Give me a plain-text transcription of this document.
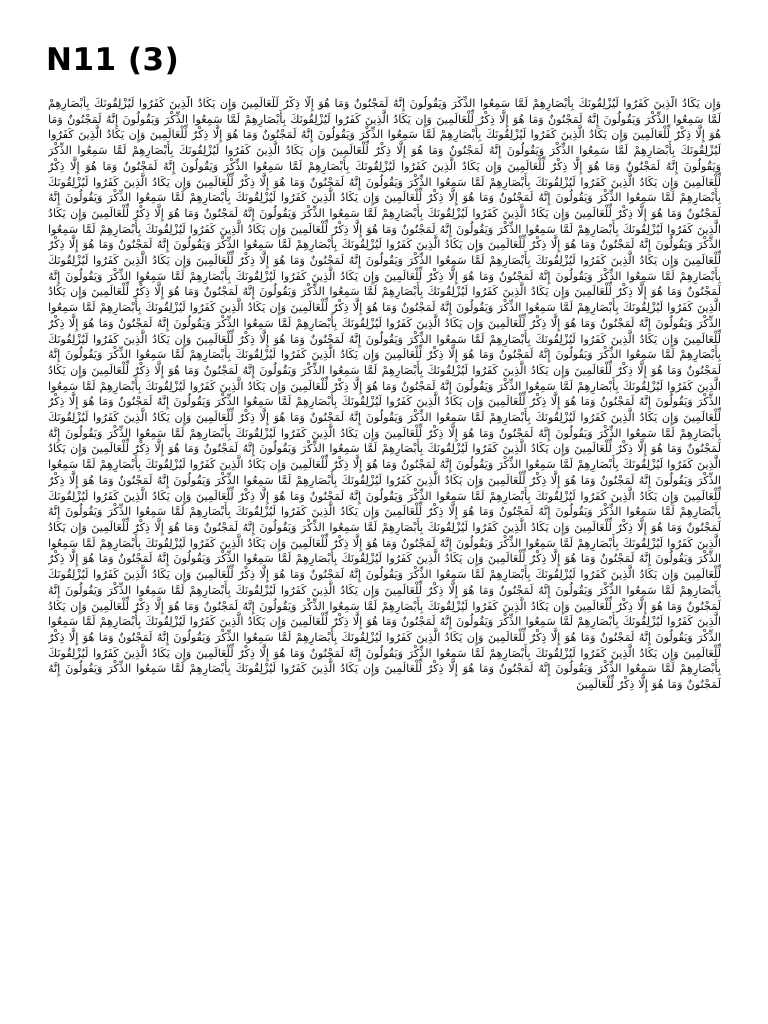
N11 (3)
وَإِن يَكَادُ الَّذِينَ كَفَرُوا لَيُزْلِقُونَكَ بِأَبْصَارِهِمْ لَمَّا سَمِعُوا الذِّكْرَ وَيَقُولُونَ إِنَّهُ لَمَجْنُونٌ وَمَا هُوَ إِلَّا ذِكْرٌ لِّلْعَالَمِينَ وَإِن يَكَادُ الَّذِينَ كَفَرُوا لَيُزْلِقُونَكَ بِأَبْصَارِهِمْ لَمَّا سَمِعُوا الذِّكْرَ وَيَقُولُونَ إِنَّهُ لَمَجْنُونٌ وَمَا هُوَ إِلَّا ذِكْرٌ لِّلْعَالَمِينَ وَإِن يَكَادُ الَّذِينَ كَفَرُوا لَيُزْلِقُونَكَ بِأَبْصَارِهِمْ لَمَّا سَمِعُوا الذِّكْرَ وَيَقُولُونَ إِنَّهُ لَمَجْنُونٌ وَمَا هُوَ إِلَّا ذِكْرٌ لِّلْعَالَمِينَ وَإِن يَكَادُ الَّذِينَ كَفَرُوا لَيُزْلِقُونَكَ بِأَبْصَارِهِمْ لَمَّا سَمِعُوا الذِّكْرَ وَيَقُولُونَ إِنَّهُ لَمَجْنُونٌ وَمَا هُوَ إِلَّا ذِكْرٌ لِّلْعَالَمِينَ وَإِن يَكَادُ الَّذِينَ كَفَرُوا لَيُزْلِقُونَكَ بِأَبْصَارِهِمْ لَمَّا سَمِعُوا الذِّكْرَ وَيَقُولُونَ إِنَّهُ لَمَجْنُونٌ وَمَا هُوَ إِلَّا ذِكْرٌ لِّلْعَالَمِينَ وَإِن يَكَادُ الَّذِينَ كَفَرُوا لَيُزْلِقُونَكَ بِأَبْصَارِهِمْ لَمَّا سَمِعُوا الذِّكْرَ وَيَقُولُونَ إِنَّهُ لَمَجْنُونٌ وَمَا هُوَ إِلَّا ذِكْرٌ لِّلْعَالَمِينَ وَإِن يَكَادُ الَّذِينَ كَفَرُوا لَيُزْلِقُونَكَ بِأَبْصَارِهِمْ لَمَّا سَمِعُوا الذِّكْرَ وَيَقُولُونَ إِنَّهُ لَمَجْنُونٌ وَمَا هُوَ إِلَّا ذِكْرٌ لِّلْعَالَمِينَ وَإِن يَكَادُ الَّذِينَ كَفَرُوا لَيُزْلِقُونَكَ بِأَبْصَارِهِمْ لَمَّا سَمِعُوا الذِّكْرَ وَيَقُولُونَ إِنَّهُ لَمَجْنُونٌ وَمَا هُوَ إِلَّا ذِكْرٌ لِّلْعَالَمِينَ وَإِن يَكَادُ الَّذِينَ كَفَرُوا لَيُزْلِقُونَكَ بِأَبْصَارِهِمْ لَمَّا سَمِعُوا الذِّكْرَ وَيَقُولُونَ إِنَّهُ لَمَجْنُونٌ وَمَا هُوَ إِلَّا ذِكْرٌ لِّلْعَالَمِينَ وَإِن يَكَادُ الَّذِينَ كَفَرُوا لَيُزْلِقُونَكَ بِأَبْصَارِهِمْ لَمَّا سَمِعُوا الذِّكْرَ وَيَقُولُونَ إِنَّهُ لَمَجْنُونٌ وَمَا هُوَ إِلَّا ذِكْرٌ لِّلْعَالَمِينَ وَإِن يَكَادُ الَّذِينَ كَفَرُوا لَيُزْلِقُونَكَ بِأَبْصَارِهِمْ لَمَّا سَمِعُوا الذِّكْرَ وَيَقُولُونَ إِنَّهُ لَمَجْنُونٌ وَمَا هُوَ إِلَّا ذِكْرٌ لِّلْعَالَمِينَ وَإِن يَكَادُ الَّذِينَ كَفَرُوا لَيُزْلِقُونَكَ بِأَبْصَارِهِمْ لَمَّا سَمِعُوا الذِّكْرَ وَيَقُولُونَ إِنَّهُ لَمَجْنُونٌ وَمَا هُوَ إِلَّا ذِكْرٌ لِّلْعَالَمِينَ وَإِن يَكَادُ الَّذِينَ كَفَرُوا لَيُزْلِقُونَكَ بِأَبْصَارِهِمْ لَمَّا سَمِعُوا الذِّكْرَ وَيَقُولُونَ إِنَّهُ لَمَجْنُونٌ وَمَا هُوَ إِلَّا ذِكْرٌ لِّلْعَالَمِينَ وَإِن يَكَادُ الَّذِينَ كَفَرُوا لَيُزْلِقُونَكَ بِأَبْصَارِهِمْ لَمَّا سَمِعُوا الذِّكْرَ وَيَقُولُونَ إِنَّهُ لَمَجْنُونٌ وَمَا هُوَ إِلَّا ذِكْرٌ لِّلْعَالَمِينَ وَإِن يَكَادُ الَّذِينَ كَفَرُوا لَيُزْلِقُونَكَ بِأَبْصَارِهِمْ لَمَّا سَمِعُوا الذِّكْرَ وَيَقُولُونَ إِنَّهُ لَمَجْنُونٌ وَمَا هُوَ إِلَّا ذِكْرٌ لِّلْعَالَمِينَ وَإِن يَكَادُ الَّذِينَ كَفَرُوا لَيُزْلِقُونَكَ بِأَبْصَارِهِمْ لَمَّا سَمِعُوا الذِّكْرَ وَيَقُولُونَ إِنَّهُ لَمَجْنُونٌ وَمَا هُوَ إِلَّا ذِكْرٌ لِّلْعَالَمِينَ وَإِن يَكَادُ الَّذِينَ كَفَرُوا لَيُزْلِقُونَكَ بِأَبْصَارِهِمْ لَمَّا سَمِعُوا الذِّكْرَ وَيَقُولُونَ إِنَّهُ لَمَجْنُونٌ وَمَا هُوَ إِلَّا ذِكْرٌ لِّلْعَالَمِينَ وَإِن يَكَادُ الَّذِينَ كَفَرُوا لَيُزْلِقُونَكَ بِأَبْصَارِهِمْ لَمَّا سَمِعُوا الذِّكْرَ وَيَقُولُونَ إِنَّهُ لَمَجْنُونٌ وَمَا هُوَ إِلَّا ذِكْرٌ لِّلْعَالَمِينَ وَإِن يَكَادُ الَّذِينَ كَفَرُوا لَيُزْلِقُونَكَ بِأَبْصَارِهِمْ لَمَّا سَمِعُوا الذِّكْرَ وَيَقُولُونَ إِنَّهُ لَمَجْنُونٌ وَمَا هُوَ إِلَّا ذِكْرٌ لِّلْعَالَمِينَ وَإِن يَكَادُ الَّذِينَ كَفَرُوا لَيُزْلِقُونَكَ بِأَبْصَارِهِمْ لَمَّا سَمِعُوا الذِّكْرَ وَيَقُولُونَ إِنَّهُ لَمَجْنُونٌ وَمَا هُوَ إِلَّا ذِكْرٌ لِّلْعَالَمِينَ وَإِن يَكَادُ الَّذِينَ كَفَرُوا لَيُزْلِقُونَكَ بِأَبْصَارِهِمْ لَمَّا سَمِعُوا الذِّكْرَ وَيَقُولُونَ إِنَّهُ لَمَجْنُونٌ وَمَا هُوَ إِلَّا ذِكْرٌ لِّلْعَالَمِينَ وَإِن يَكَادُ الَّذِينَ كَفَرُوا لَيُزْلِقُونَكَ بِأَبْصَارِهِمْ لَمَّا سَمِعُوا الذِّكْرَ وَيَقُولُونَ إِنَّهُ لَمَجْنُونٌ وَمَا هُوَ إِلَّا ذِكْرٌ لِّلْعَالَمِينَ وَإِن يَكَادُ الَّذِينَ كَفَرُوا لَيُزْلِقُونَكَ بِأَبْصَارِهِمْ لَمَّا سَمِعُوا الذِّكْرَ وَيَقُولُونَ إِنَّهُ لَمَجْنُونٌ وَمَا هُوَ إِلَّا ذِكْرٌ لِّلْعَالَمِينَ وَإِن يَكَادُ الَّذِينَ كَفَرُوا لَيُزْلِقُونَكَ بِأَبْصَارِهِمْ لَمَّا سَمِعُوا الذِّكْرَ وَيَقُولُونَ إِنَّهُ لَمَجْنُونٌ وَمَا هُوَ إِلَّا ذِكْرٌ لِّلْعَالَمِينَ وَإِن يَكَادُ الَّذِينَ كَفَرُوا لَيُزْلِقُونَكَ بِأَبْصَارِهِمْ لَمَّا سَمِعُوا الذِّكْرَ وَيَقُولُونَ إِنَّهُ لَمَجْنُونٌ وَمَا هُوَ إِلَّا ذِكْرٌ لِّلْعَالَمِينَ وَإِن يَكَادُ الَّذِينَ كَفَرُوا لَيُزْلِقُونَكَ بِأَبْصَارِهِمْ لَمَّا سَمِعُوا الذِّكْرَ وَيَقُولُونَ إِنَّهُ لَمَجْنُونٌ وَمَا هُوَ إِلَّا ذِكْرٌ لِّلْعَالَمِينَ وَإِن يَكَادُ الَّذِينَ كَفَرُوا لَيُزْلِقُونَكَ بِأَبْصَارِهِمْ لَمَّا سَمِعُوا الذِّكْرَ وَيَقُولُونَ إِنَّهُ لَمَجْنُونٌ وَمَا هُوَ إِلَّا ذِكْرٌ لِّلْعَالَمِينَ وَإِن يَكَادُ الَّذِينَ كَفَرُوا لَيُزْلِقُونَكَ بِأَبْصَارِهِمْ لَمَّا سَمِعُوا الذِّكْرَ وَيَقُولُونَ إِنَّهُ لَمَجْنُونٌ وَمَا هُوَ إِلَّا ذِكْرٌ لِّلْعَالَمِينَ وَإِن يَكَادُ الَّذِينَ كَفَرُوا لَيُزْلِقُونَكَ بِأَبْصَارِهِمْ لَمَّا سَمِعُوا الذِّكْرَ وَيَقُولُونَ إِنَّهُ لَمَجْنُونٌ وَمَا هُوَ إِلَّا ذِكْرٌ لِّلْعَالَمِينَ وَإِن يَكَادُ الَّذِينَ كَفَرُوا لَيُزْلِقُونَكَ بِأَبْصَارِهِمْ لَمَّا سَمِعُوا الذِّكْرَ وَيَقُولُونَ إِنَّهُ لَمَجْنُونٌ وَمَا هُوَ إِلَّا ذِكْرٌ لِّلْعَالَمِينَ وَإِن يَكَادُ الَّذِينَ كَفَرُوا لَيُزْلِقُونَكَ بِأَبْصَارِهِمْ لَمَّا سَمِعُوا الذِّكْرَ وَيَقُولُونَ إِنَّهُ لَمَجْنُونٌ وَمَا هُوَ إِلَّا ذِكْرٌ لِّلْعَالَمِينَ وَإِن يَكَادُ الَّذِينَ كَفَرُوا لَيُزْلِقُونَكَ بِأَبْصَارِهِمْ لَمَّا سَمِعُوا الذِّكْرَ وَيَقُولُونَ إِنَّهُ لَمَجْنُونٌ وَمَا هُوَ إِلَّا ذِكْرٌ لِّلْعَالَمِينَ وَإِن يَكَادُ الَّذِينَ كَفَرُوا لَيُزْلِقُونَكَ بِأَبْصَارِهِمْ لَمَّا سَمِعُوا الذِّكْرَ وَيَقُولُونَ إِنَّهُ لَمَجْنُونٌ وَمَا هُوَ إِلَّا ذِكْرٌ لِّلْعَالَمِينَ وَإِن يَكَادُ الَّذِينَ كَفَرُوا لَيُزْلِقُونَكَ بِأَبْصَارِهِمْ لَمَّا سَمِعُوا الذِّكْرَ وَيَقُولُونَ إِنَّهُ لَمَجْنُونٌ وَمَا هُوَ إِلَّا ذِكْرٌ لِّلْعَالَمِينَ وَإِن يَكَادُ الَّذِينَ كَفَرُوا لَيُزْلِقُونَكَ بِأَبْصَارِهِمْ لَمَّا سَمِعُوا الذِّكْرَ وَيَقُولُونَ إِنَّهُ لَمَجْنُونٌ وَمَا هُوَ إِلَّا ذِكْرٌ لِّلْعَالَمِينَ وَإِن يَكَادُ الَّذِينَ كَفَرُوا لَيُزْلِقُونَكَ بِأَبْصَارِهِمْ لَمَّا سَمِعُوا الذِّكْرَ وَيَقُولُونَ إِنَّهُ لَمَجْنُونٌ وَمَا هُوَ إِلَّا ذِكْرٌ لِّلْعَالَمِينَ وَإِن يَكَادُ الَّذِينَ كَفَرُوا لَيُزْلِقُونَكَ بِأَبْصَارِهِمْ لَمَّا سَمِعُوا الذِّكْرَ وَيَقُولُونَ إِنَّهُ لَمَجْنُونٌ وَمَا هُوَ إِلَّا ذِكْرٌ لِّلْعَالَمِينَ وَإِن يَكَادُ الَّذِينَ كَفَرُوا لَيُزْلِقُونَكَ بِأَبْصَارِهِمْ لَمَّا سَمِعُوا الذِّكْرَ وَيَقُولُونَ إِنَّهُ لَمَجْنُونٌ وَمَا هُوَ إِلَّا ذِكْرٌ لِّلْعَالَمِينَ وَإِن يَكَادُ الَّذِينَ كَفَرُوا لَيُزْلِقُونَكَ بِأَبْصَارِهِمْ لَمَّا سَمِعُوا الذِّكْرَ وَيَقُولُونَ إِنَّهُ لَمَجْنُونٌ وَمَا هُوَ إِلَّا ذِكْرٌ لِّلْعَالَمِينَ وَإِن يَكَادُ الَّذِينَ كَفَرُوا لَيُزْلِقُونَكَ بِأَبْصَارِهِمْ لَمَّا سَمِعُوا الذِّكْرَ وَيَقُولُونَ إِنَّهُ لَمَجْنُونٌ وَمَا هُوَ إِلَّا ذِكْرٌ لِّلْعَالَمِينَ وَإِن يَكَادُ الَّذِينَ كَفَرُوا لَيُزْلِقُونَكَ بِأَبْصَارِهِمْ لَمَّا سَمِعُوا الذِّكْرَ وَيَقُولُونَ إِنَّهُ لَمَجْنُونٌ وَمَا هُوَ إِلَّا ذِكْرٌ لِّلْعَالَمِينَ وَإِن يَكَادُ الَّذِينَ كَفَرُوا لَيُزْلِقُونَكَ بِأَبْصَارِهِمْ لَمَّا سَمِعُوا الذِّكْرَ وَيَقُولُونَ إِنَّهُ لَمَجْنُونٌ وَمَا هُوَ إِلَّا ذِكْرٌ لِّلْعَالَمِينَ وَإِن يَكَادُ الَّذِينَ كَفَرُوا لَيُزْلِقُونَكَ بِأَبْصَارِهِمْ لَمَّا سَمِعُوا الذِّكْرَ وَيَقُولُونَ إِنَّهُ لَمَجْنُونٌ وَمَا هُوَ إِلَّا ذِكْرٌ لِّلْعَالَمِينَ وَإِن يَكَادُ الَّذِينَ كَفَرُوا لَيُزْلِقُونَكَ بِأَبْصَارِهِمْ لَمَّا سَمِعُوا الذِّكْرَ وَيَقُولُونَ إِنَّهُ لَمَجْنُونٌ وَمَا هُوَ إِلَّا ذِكْرٌ لِّلْعَالَمِينَ وَإِن يَكَادُ الَّذِينَ كَفَرُوا لَيُزْلِقُونَكَ بِأَبْصَارِهِمْ لَمَّا سَمِعُوا الذِّكْرَ وَيَقُولُونَ إِنَّهُ لَمَجْنُونٌ وَمَا هُوَ إِلَّا ذِكْرٌ لِّلْعَالَمِينَ وَإِن يَكَادُ الَّذِينَ كَفَرُوا لَيُزْلِقُونَكَ بِأَبْصَارِهِمْ لَمَّا سَمِعُوا الذِّكْرَ وَيَقُولُونَ إِنَّهُ لَمَجْنُونٌ وَمَا هُوَ إِلَّا ذِكْرٌ لِّلْعَالَمِينَ وَإِن يَكَادُ الَّذِينَ كَفَرُوا لَيُزْلِقُونَكَ بِأَبْصَارِهِمْ لَمَّا سَمِعُوا الذِّكْرَ وَيَقُولُونَ إِنَّهُ لَمَجْنُونٌ وَمَا هُوَ إِلَّا ذِكْرٌ لِّلْعَالَمِينَ وَإِن يَكَادُ الَّذِينَ كَفَرُوا لَيُزْلِقُونَكَ بِأَبْصَارِهِمْ لَمَّا سَمِعُوا الذِّكْرَ وَيَقُولُونَ إِنَّهُ لَمَجْنُونٌ وَمَا هُوَ إِلَّا ذِكْرٌ لِّلْعَالَمِينَ وَإِن يَكَادُ الَّذِينَ كَفَرُوا لَيُزْلِقُونَكَ بِأَبْصَارِهِمْ لَمَّا سَمِعُوا الذِّكْرَ وَيَقُولُونَ إِنَّهُ لَمَجْنُونٌ وَمَا هُوَ إِلَّا ذِكْرٌ لِّلْعَالَمِينَ وَإِن يَكَادُ الَّذِينَ كَفَرُوا لَيُزْلِقُونَكَ بِأَبْصَارِهِمْ لَمَّا سَمِعُوا الذِّكْرَ وَيَقُولُونَ إِنَّهُ لَمَجْنُونٌ وَمَا هُوَ إِلَّا ذِكْرٌ لِّلْعَالَمِينَ وَإِن يَكَادُ الَّذِينَ كَفَرُوا لَيُزْلِقُونَكَ بِأَبْصَارِهِمْ لَمَّا سَمِعُوا الذِّكْرَ وَيَقُولُونَ إِنَّهُ لَمَجْنُونٌ وَمَا هُوَ إِلَّا ذِكْرٌ لِّلْعَالَمِينَ وَإِن يَكَادُ الَّذِينَ كَفَرُوا لَيُزْلِقُونَكَ بِأَبْصَارِهِمْ لَمَّا سَمِعُوا الذِّكْرَ وَيَقُولُونَ إِنَّهُ لَمَجْنُونٌ وَمَا هُوَ إِلَّا ذِكْرٌ لِّلْعَالَمِينَ
